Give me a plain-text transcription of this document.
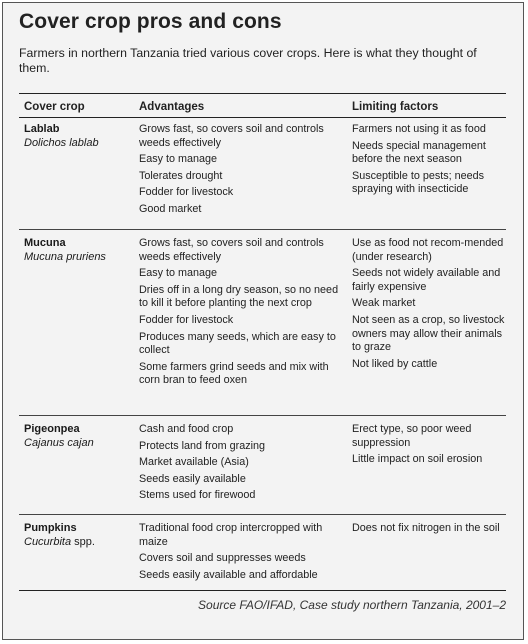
Cover crop pros and cons

Farmers in northern Tanzania tried various cover crops. Here is what they thought of them.

Cover crop	Advantages	Limiting factors
Lablab
Dolichos lablab

Grows fast, so covers soil and controls weeds effectively

Easy to manage

Tolerates drought

Fodder for livestock

Good market

Farmers not using it as food

Needs special management before the next season

Susceptible to pests; needs spraying with insecticide

Mucuna
Mucuna pruriens

Grows fast, so covers soil and controls weeds effectively

Easy to manage

Dries off in a long dry season, so no need to kill it before planting the next crop

Fodder for livestock

Produces many seeds, which are easy to collect

Some farmers grind seeds and mix with corn bran to feed oxen

Use as food not recom-mended (under research)

Seeds not widely available and fairly expensive

Weak market

Not seen as a crop, so livestock owners may allow their animals to graze

Not liked by cattle

Pigeonpea
Cajanus cajan

Cash and food crop

Protects land from grazing

Market available (Asia)

Seeds easily available

Stems used for firewood

Erect type, so poor weed suppression

Little impact on soil erosion

Pumpkins
Cucurbita spp.

Traditional food crop intercropped with maize

Covers soil and suppresses weeds

Seeds easily available and affordable

Does not fix nitrogen in the soil

Source FAO/IFAD, Case study northern Tanzania, 2001–2
